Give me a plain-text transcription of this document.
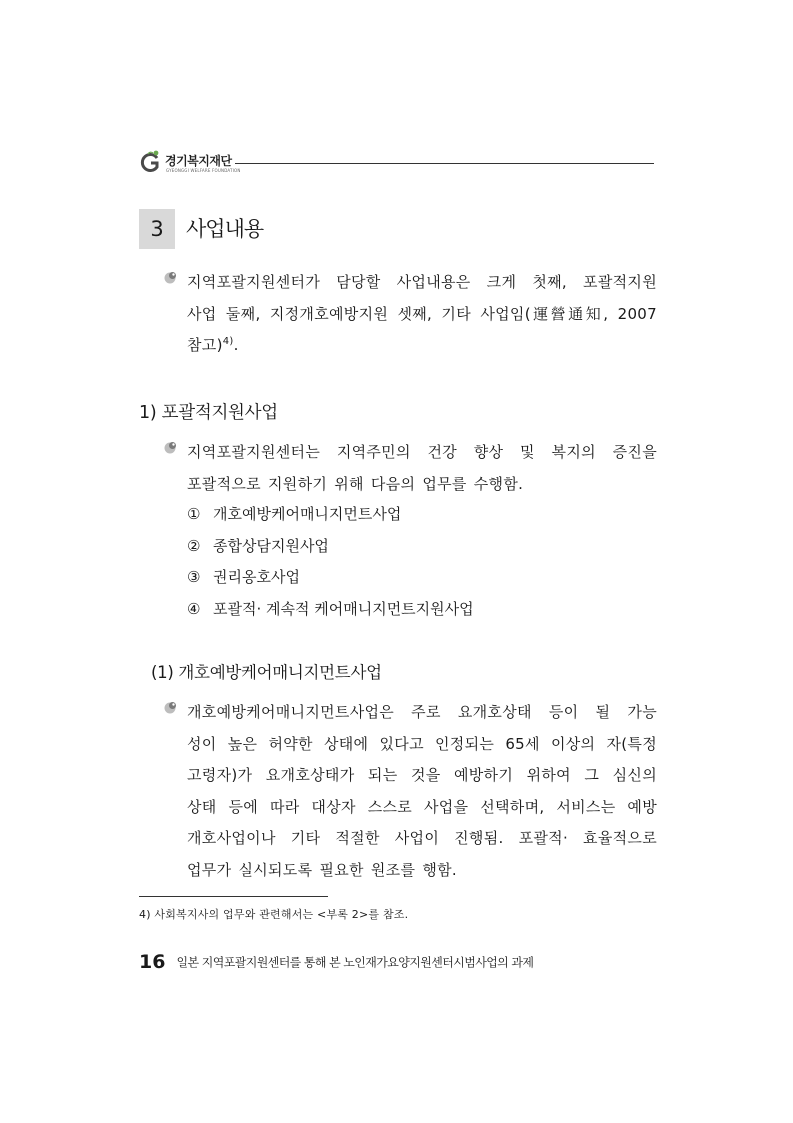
경기복지재단
GYEONGGI WELFARE FOUNDATION
3	사업내용
지역포괄지원센터가 담당할 사업내용은 크게 첫째, 포괄적지원
사업 둘째, 지정개호예방지원 셋째, 기타 사업임(運營通知, 2007
참고)$^{4)}$.
1) 포괄적지원사업
지역포괄지원센터는 지역주민의 건강 향상 및 복지의 증진을
포괄적으로 지원하기 위해 다음의 업무를 수행함.
① 개호예방케어매니지먼트사업
② 종합상담지원사업
③ 권리옹호사업
④ 포괄적· 계속적 케어매니지먼트지원사업
(1) 개호예방케어매니지먼트사업
개호예방케어매니지먼트사업은 주로 요개호상태 등이 될 가능
성이 높은 허약한 상태에 있다고 인정되는 65세 이상의 자(특정
고령자)가 요개호상태가 되는 것을 예방하기 위하여 그 심신의
상태 등에 따라 대상자 스스로 사업을 선택하며, 서비스는 예방
개호사업이나 기타 적절한 사업이 진행됨. 포괄적· 효율적으로
업무가 실시되도록 필요한 원조를 행함.
4) 사회복지사의 업무와 관련해서는 <부록 2>를 참조.
16 일본 지역포괄지원센터를 통해 본 노인재가요양지원센터시범사업의 과제
